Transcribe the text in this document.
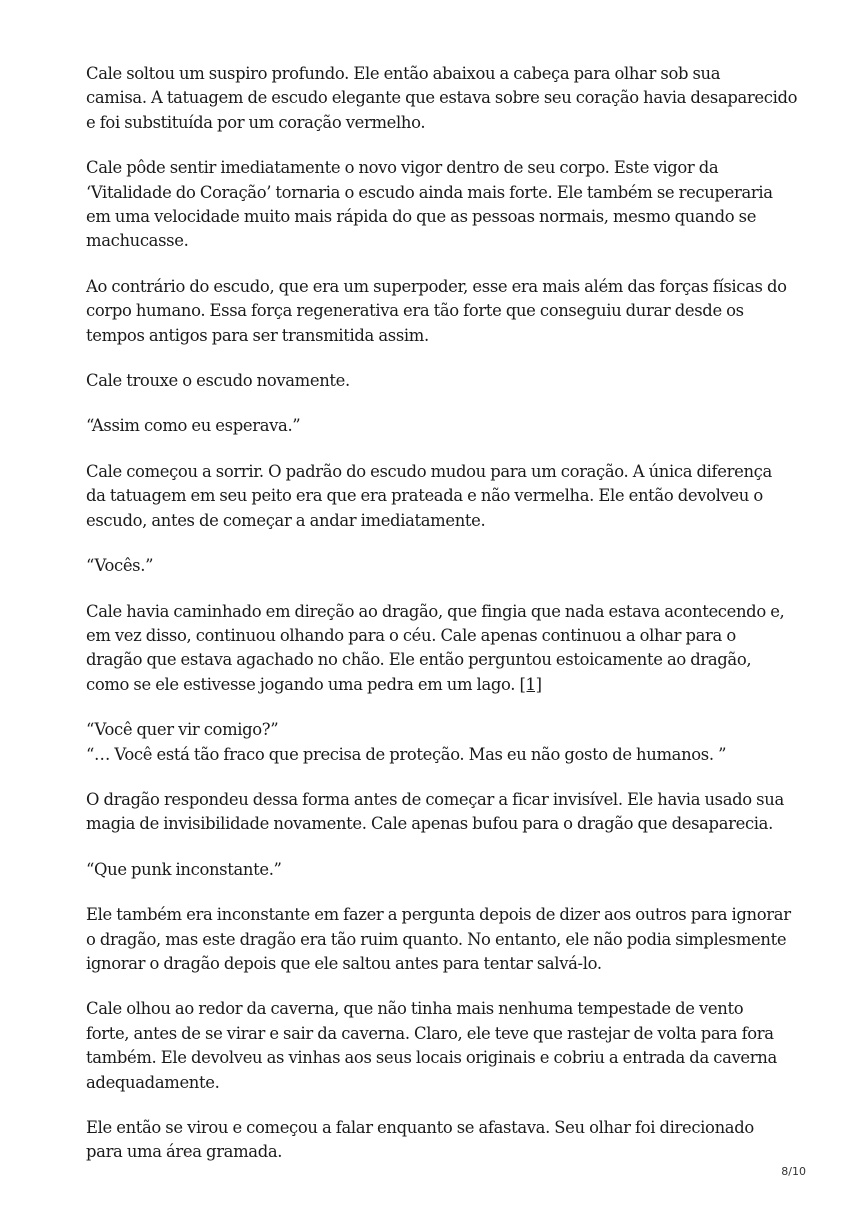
Cale soltou um suspiro profundo. Ele então abaixou a cabeça para olhar sob sua
camisa. A tatuagem de escudo elegante que estava sobre seu coração havia desaparecido
e foi substituída por um coração vermelho.

Cale pôde sentir imediatamente o novo vigor dentro de seu corpo. Este vigor da
‘Vitalidade do Coração’ tornaria o escudo ainda mais forte. Ele também se recuperaria
em uma velocidade muito mais rápida do que as pessoas normais, mesmo quando se
machucasse.

Ao contrário do escudo, que era um superpoder, esse era mais além das forças físicas do
corpo humano. Essa força regenerativa era tão forte que conseguiu durar desde os
tempos antigos para ser transmitida assim.

Cale trouxe o escudo novamente.

“Assim como eu esperava.”

Cale começou a sorrir. O padrão do escudo mudou para um coração. A única diferença
da tatuagem em seu peito era que era prateada e não vermelha. Ele então devolveu o
escudo, antes de começar a andar imediatamente.

“Vocês.”

Cale havia caminhado em direção ao dragão, que fingia que nada estava acontecendo e,
em vez disso, continuou olhando para o céu. Cale apenas continuou a olhar para o
dragão que estava agachado no chão. Ele então perguntou estoicamente ao dragão,
como se ele estivesse jogando uma pedra em um lago. [1]

“Você quer vir comigo?”
“… Você está tão fraco que precisa de proteção. Mas eu não gosto de humanos. ”

O dragão respondeu dessa forma antes de começar a ficar invisível. Ele havia usado sua
magia de invisibilidade novamente. Cale apenas bufou para o dragão que desaparecia.

“Que punk inconstante.”

Ele também era inconstante em fazer a pergunta depois de dizer aos outros para ignorar
o dragão, mas este dragão era tão ruim quanto. No entanto, ele não podia simplesmente
ignorar o dragão depois que ele saltou antes para tentar salvá-lo.

Cale olhou ao redor da caverna, que não tinha mais nenhuma tempestade de vento
forte, antes de se virar e sair da caverna. Claro, ele teve que rastejar de volta para fora
também. Ele devolveu as vinhas aos seus locais originais e cobriu a entrada da caverna
adequadamente.

Ele então se virou e começou a falar enquanto se afastava. Seu olhar foi direcionado
para uma área gramada.

8/10
